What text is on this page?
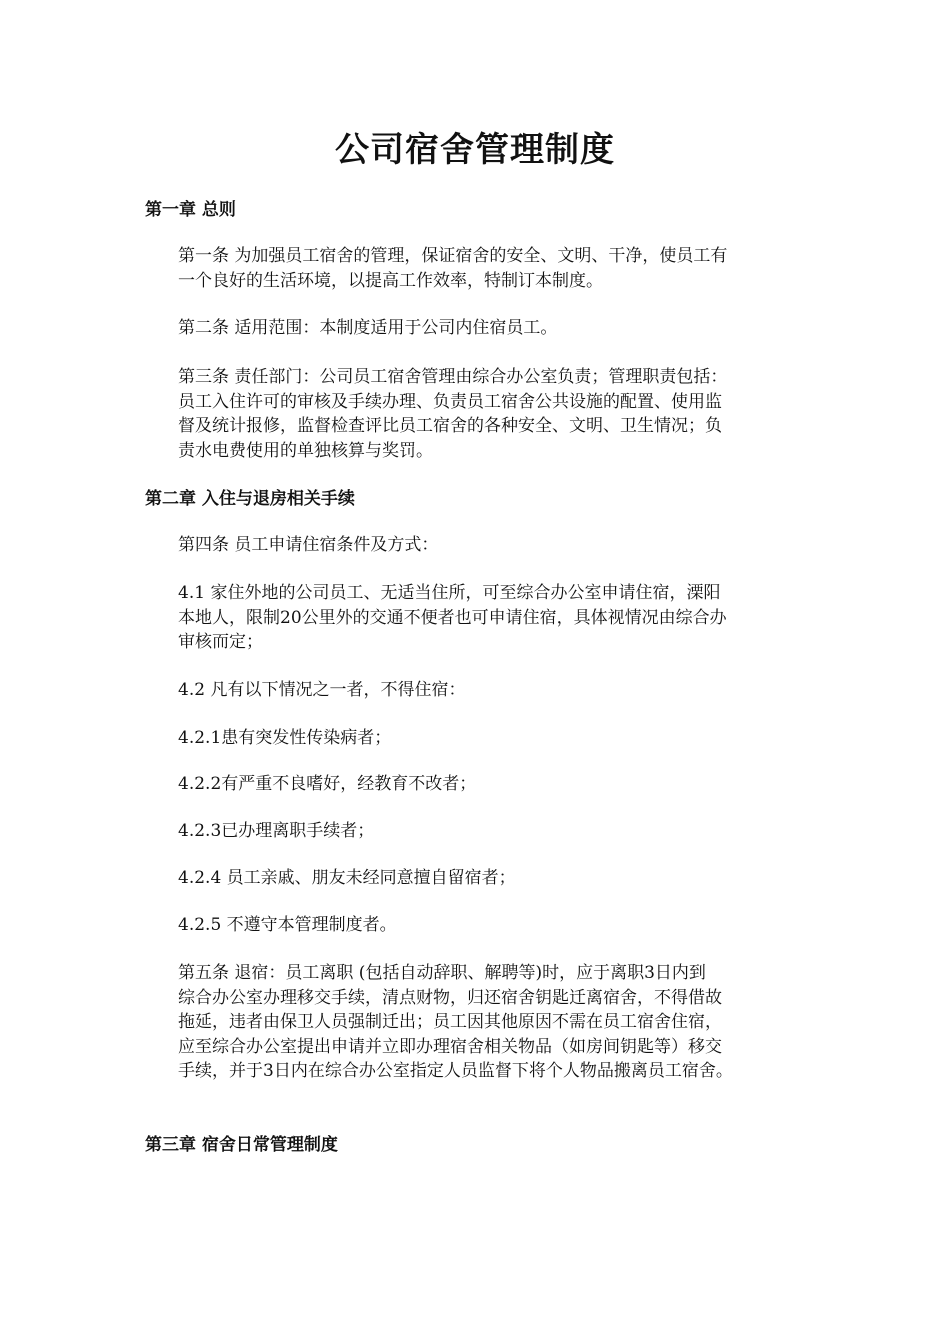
公司宿舍管理制度
第一章 总则

第一条 为加强员工宿舍的管理，保证宿舍的安全、文明、干净，使员工有
一个良好的生活环境，以提高工作效率，特制订本制度。

第二条 适用范围：本制度适用于公司内住宿员工。

第三条 责任部门：公司员工宿舍管理由综合办公室负责；管理职责包括：
员工入住许可的审核及手续办理、负责员工宿舍公共设施的配置、使用监
督及统计报修，监督检查评比员工宿舍的各种安全、文明、卫生情况；负
责水电费使用的单独核算与奖罚。

第二章 入住与退房相关手续

第四条 员工申请住宿条件及方式：

4.1 家住外地的公司员工、无适当住所，可至综合办公室申请住宿，溧阳
本地人，限制20公里外的交通不便者也可申请住宿，具体视情况由综合办
审核而定；

4.2 凡有以下情况之一者，不得住宿：

4.2.1患有突发性传染病者；

4.2.2有严重不良嗜好，经教育不改者；

4.2.3已办理离职手续者；

4.2.4 员工亲戚、朋友未经同意擅自留宿者；

4.2.5 不遵守本管理制度者。

第五条 退宿：员工离职 (包括自动辞职、解聘等)时，应于离职3日内到
综合办公室办理移交手续，清点财物，归还宿舍钥匙迁离宿舍，不得借故
拖延，违者由保卫人员强制迁出；员工因其他原因不需在员工宿舍住宿，
应至综合办公室提出申请并立即办理宿舍相关物品（如房间钥匙等）移交
手续，并于3日内在综合办公室指定人员监督下将个人物品搬离员工宿舍。

第三章 宿舍日常管理制度
